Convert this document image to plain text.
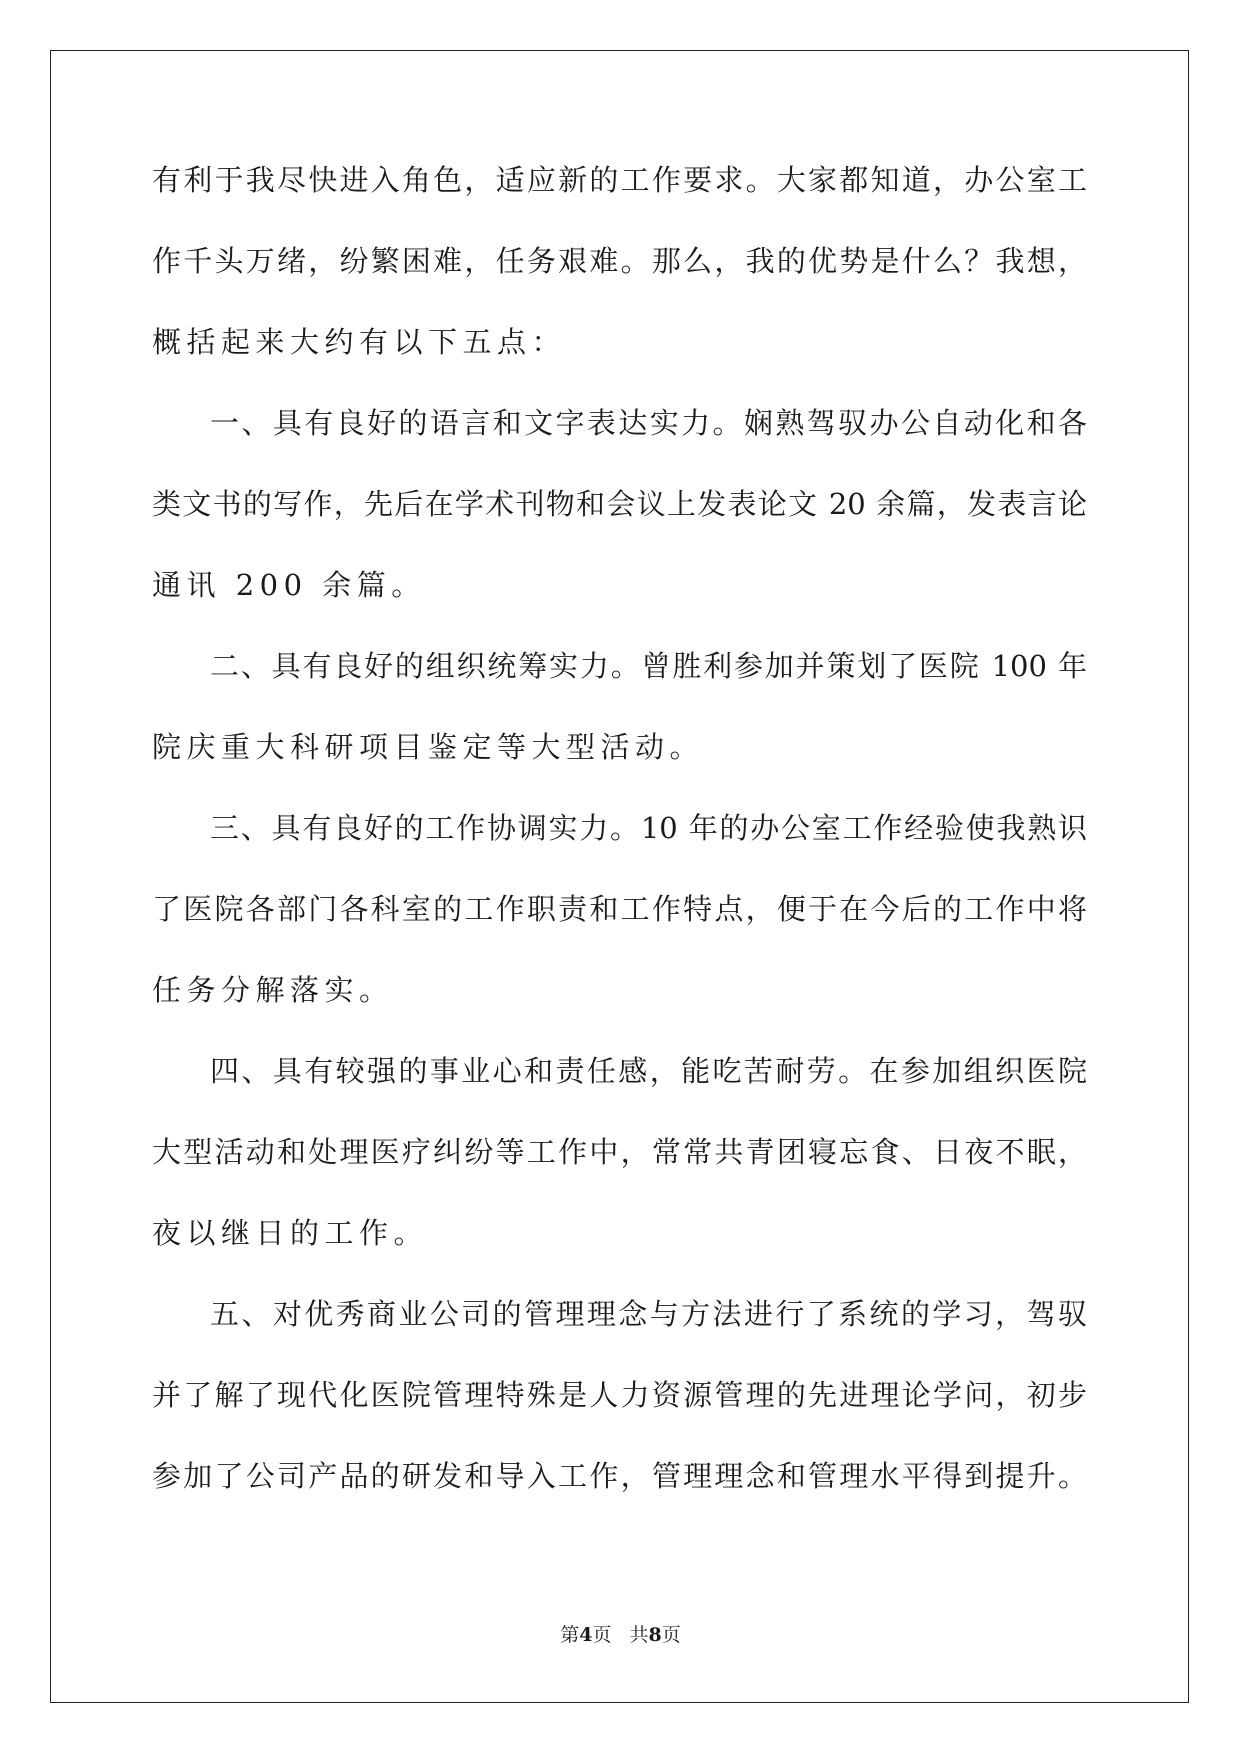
有利于我尽快进入角色，适应新的工作要求。大家都知道，办公室工
作千头万绪，纷繁困难，任务艰难。那么，我的优势是什么？我想，
概括起来大约有以下五点：
一、具有良好的语言和文字表达实力。娴熟驾驭办公自动化和各
类文书的写作，先后在学术刊物和会议上发表论文 20 余篇，发表言论
通讯 200 余篇。
二、具有良好的组织统筹实力。曾胜利参加并策划了医院 100 年
院庆重大科研项目鉴定等大型活动。
三、具有良好的工作协调实力。10 年的办公室工作经验使我熟识
了医院各部门各科室的工作职责和工作特点，便于在今后的工作中将
任务分解落实。
四、具有较强的事业心和责任感，能吃苦耐劳。在参加组织医院
大型活动和处理医疗纠纷等工作中，常常共青团寝忘食、日夜不眠，
夜以继日的工作。
五、对优秀商业公司的管理理念与方法进行了系统的学习，驾驭
并了解了现代化医院管理特殊是人力资源管理的先进理论学问，初步
参加了公司产品的研发和导入工作，管理理念和管理水平得到提升。
第4页 共8页
